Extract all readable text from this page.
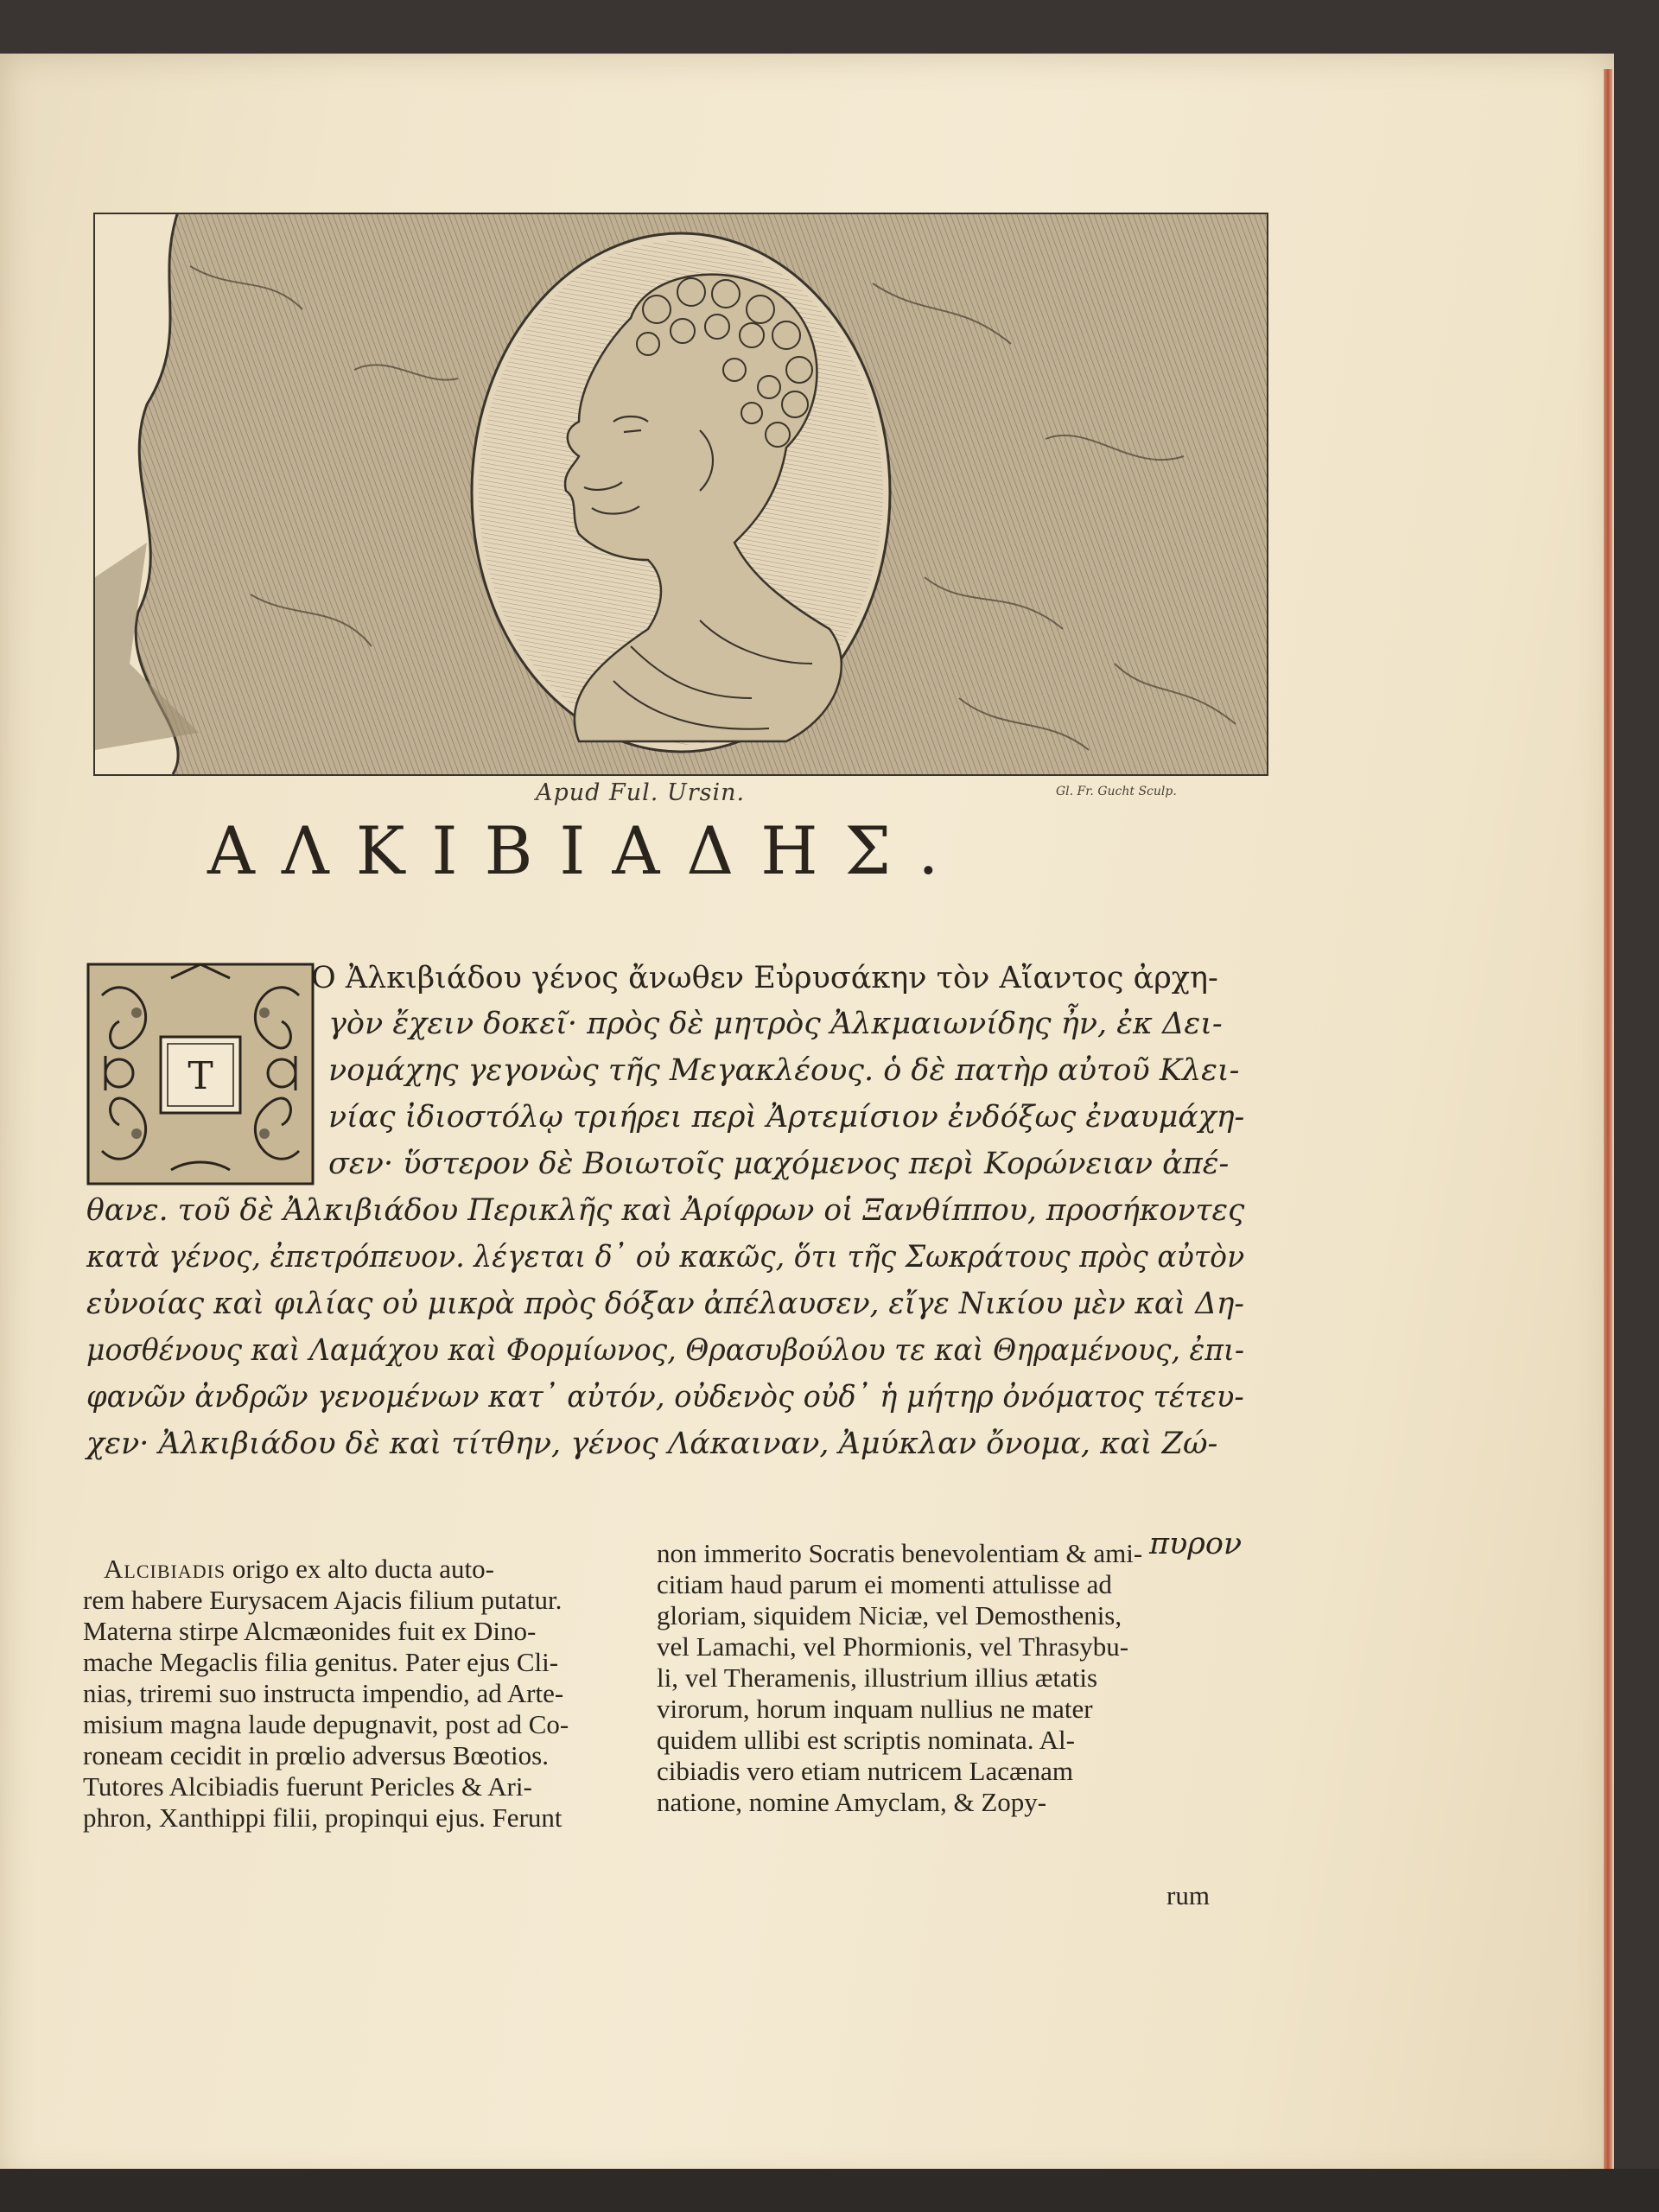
Apud Ful. Ursin.	Gl. Fr. Gucht Sculp.
ΑΛΚΙΒΙΑΔΗΣ.
T
Ο Ἀλκιβιάδου γένος ἄνωθεν Εὐρυσάκην τὸν Αἴαντος ἀρχη-
γὸν ἔχειν δοκεῖ· πρὸς δὲ μητρὸς Ἀλκμαιωνίδης ἦν, ἐκ Δει-
νομάχης γεγονὼς τῆς Μεγακλέους. ὁ δὲ πατὴρ αὐτοῦ Κλει-
νίας ἰδιοστόλῳ τριήρει περὶ Ἀρτεμίσιον ἐνδόξως ἐναυμάχη-
σεν· ὕστερον δὲ Βοιωτοῖς μαχόμενος περὶ Κορώνειαν ἀπέ-
θανε. τοῦ δὲ Ἀλκιβιάδου Περικλῆς καὶ Ἀρίφρων οἱ Ξανθίππου, προσήκοντες
κατὰ γένος, ἐπετρόπευον. λέγεται δ᾽ οὐ κακῶς, ὅτι τῆς Σωκράτους πρὸς αὐτὸν
εὐνοίας καὶ φιλίας οὐ μικρὰ πρὸς δόξαν ἀπέλαυσεν, εἴγε Νικίου μὲν καὶ Δη-
μοσθένους καὶ Λαμάχου καὶ Φορμίωνος, Θρασυβούλου τε καὶ Θηραμένους, ἐπι-
φανῶν ἀνδρῶν γενομένων κατ᾽ αὐτόν, οὐδενὸς οὐδ᾽ ἡ μήτηρ ὀνόματος τέτευ-
χεν· Ἀλκιβιάδου δὲ καὶ τίτθην, γένος Λάκαιναν, Ἀμύκλαν ὄνομα, καὶ Ζώ-
πυρον
Alcibiadis origo ex alto ducta auto-
rem habere Eurysacem Ajacis filium putatur.
Materna stirpe Alcmæonides fuit ex Dino-
mache Megaclis filia genitus. Pater ejus Cli-
nias, triremi suo instructa impendio, ad Arte-
misium magna laude depugnavit, post ad Co-
roneam cecidit in prœlio adversus Bœotios.
Tutores Alcibiadis fuerunt Pericles & Ari-
phron, Xanthippi filii, propinqui ejus. Ferunt
non immerito Socratis benevolentiam & ami-
citiam haud parum ei momenti attulisse ad
gloriam, siquidem Niciæ, vel Demosthenis,
vel Lamachi, vel Phormionis, vel Thrasybu-
li, vel Theramenis, illustrium illius ætatis
virorum, horum inquam nullius ne mater
quidem ullibi est scriptis nominata. Al-
cibiadis vero etiam nutricem Lacænam
natione, nomine Amyclam, & Zopy-
rum
